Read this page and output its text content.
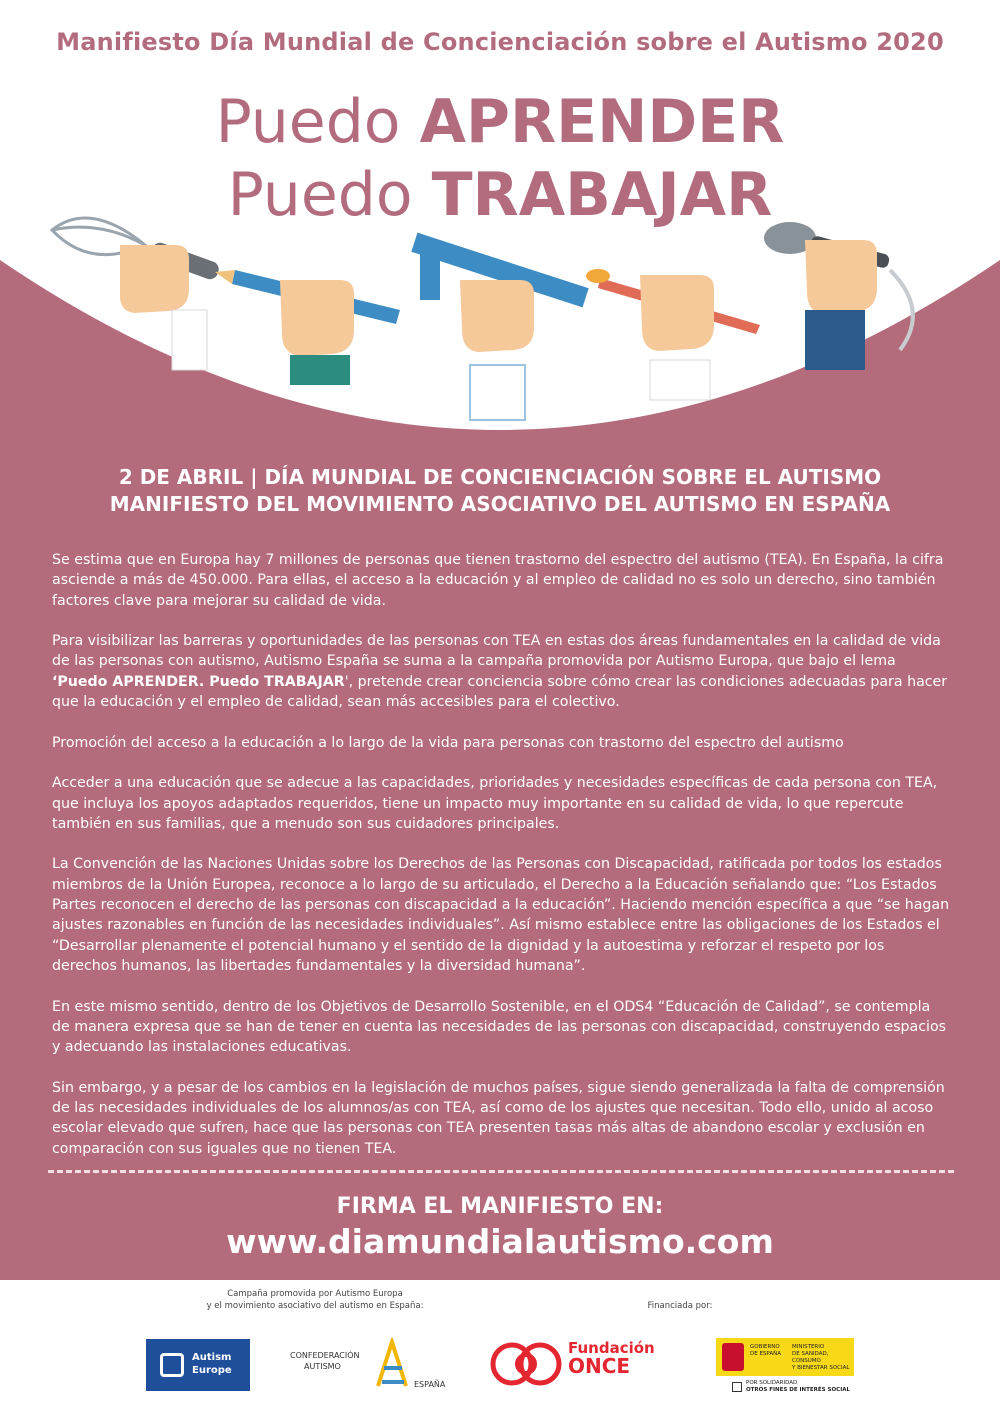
Manifiesto Día Mundial de Concienciación sobre el Autismo 2020
Puedo APRENDER
Puedo TRABAJAR
2 DE ABRIL | DÍA MUNDIAL DE CONCIENCIACIÓN SOBRE EL AUTISMO
MANIFIESTO DEL MOVIMIENTO ASOCIATIVO DEL AUTISMO EN ESPAÑA

Se estima que en Europa hay 7 millones de personas que tienen trastorno del espectro del autismo (TEA). En España, la cifra asciende a más de 450.000. Para ellas, el acceso a la educación y al empleo de calidad no es solo un derecho, sino también factores clave para mejorar su calidad de vida.

Para visibilizar las barreras y oportunidades de las personas con TEA en estas dos áreas fundamentales en la calidad de vida de las personas con autismo, Autismo España se suma a la campaña promovida por Autismo Europa, que bajo el lema ‘Puedo APRENDER. Puedo TRABAJAR', pretende crear conciencia sobre cómo crear las condiciones adecuadas para hacer que la educación y el empleo de calidad, sean más accesibles para el colectivo.

Promoción del acceso a la educación a lo largo de la vida para personas con trastorno del espectro del autismo

Acceder a una educación que se adecue a las capacidades, prioridades y necesidades específicas de cada persona con TEA, que incluya los apoyos adaptados requeridos, tiene un impacto muy importante en su calidad de vida, lo que repercute también en sus familias, que a menudo son sus cuidadores principales.

La Convención de las Naciones Unidas sobre los Derechos de las Personas con Discapacidad, ratificada por todos los estados miembros de la Unión Europea, reconoce a lo largo de su articulado, el Derecho a la Educación señalando que: “Los Estados Partes reconocen el derecho de las personas con discapacidad a la educación”. Haciendo mención específica a que “se hagan ajustes razonables en función de las necesidades individuales”. Así mismo establece entre las obligaciones de los Estados el “Desarrollar plenamente el potencial humano y el sentido de la dignidad y la autoestima y reforzar el respeto por los derechos humanos, las libertades fundamentales y la diversidad humana”.

En este mismo sentido, dentro de los Objetivos de Desarrollo Sostenible, en el ODS4 “Educación de Calidad”, se contempla de manera expresa que se han de tener en cuenta las necesidades de las personas con discapacidad, construyendo espacios y adecuando las instalaciones educativas.

Sin embargo, y a pesar de los cambios en la legislación de muchos países, sigue siendo generalizada la falta de comprensión de las necesidades individuales de los alumnos/as con TEA, así como de los ajustes que necesitan. Todo ello, unido al acoso escolar elevado que sufren, hace que las personas con TEA presenten tasas más altas de abandono escolar y exclusión en comparación con sus iguales que no tienen TEA.

FIRMA EL MANIFIESTO EN:
www.diamundialautismo.com
Campaña promovida por Autismo Europa
y el movimiento asociativo del autismo en España:	Financiada por:
Autism
Europe
CONFEDERACIÓN
AUTISMO
ESPAÑA
Fundación
ONCE
GOBIERNO
DE ESPAÑA
MINISTERIO
DE SANIDAD, CONSUMO
Y BIENESTAR SOCIAL
POR SOLIDARIDAD
OTROS FINES DE INTERÉS SOCIAL
